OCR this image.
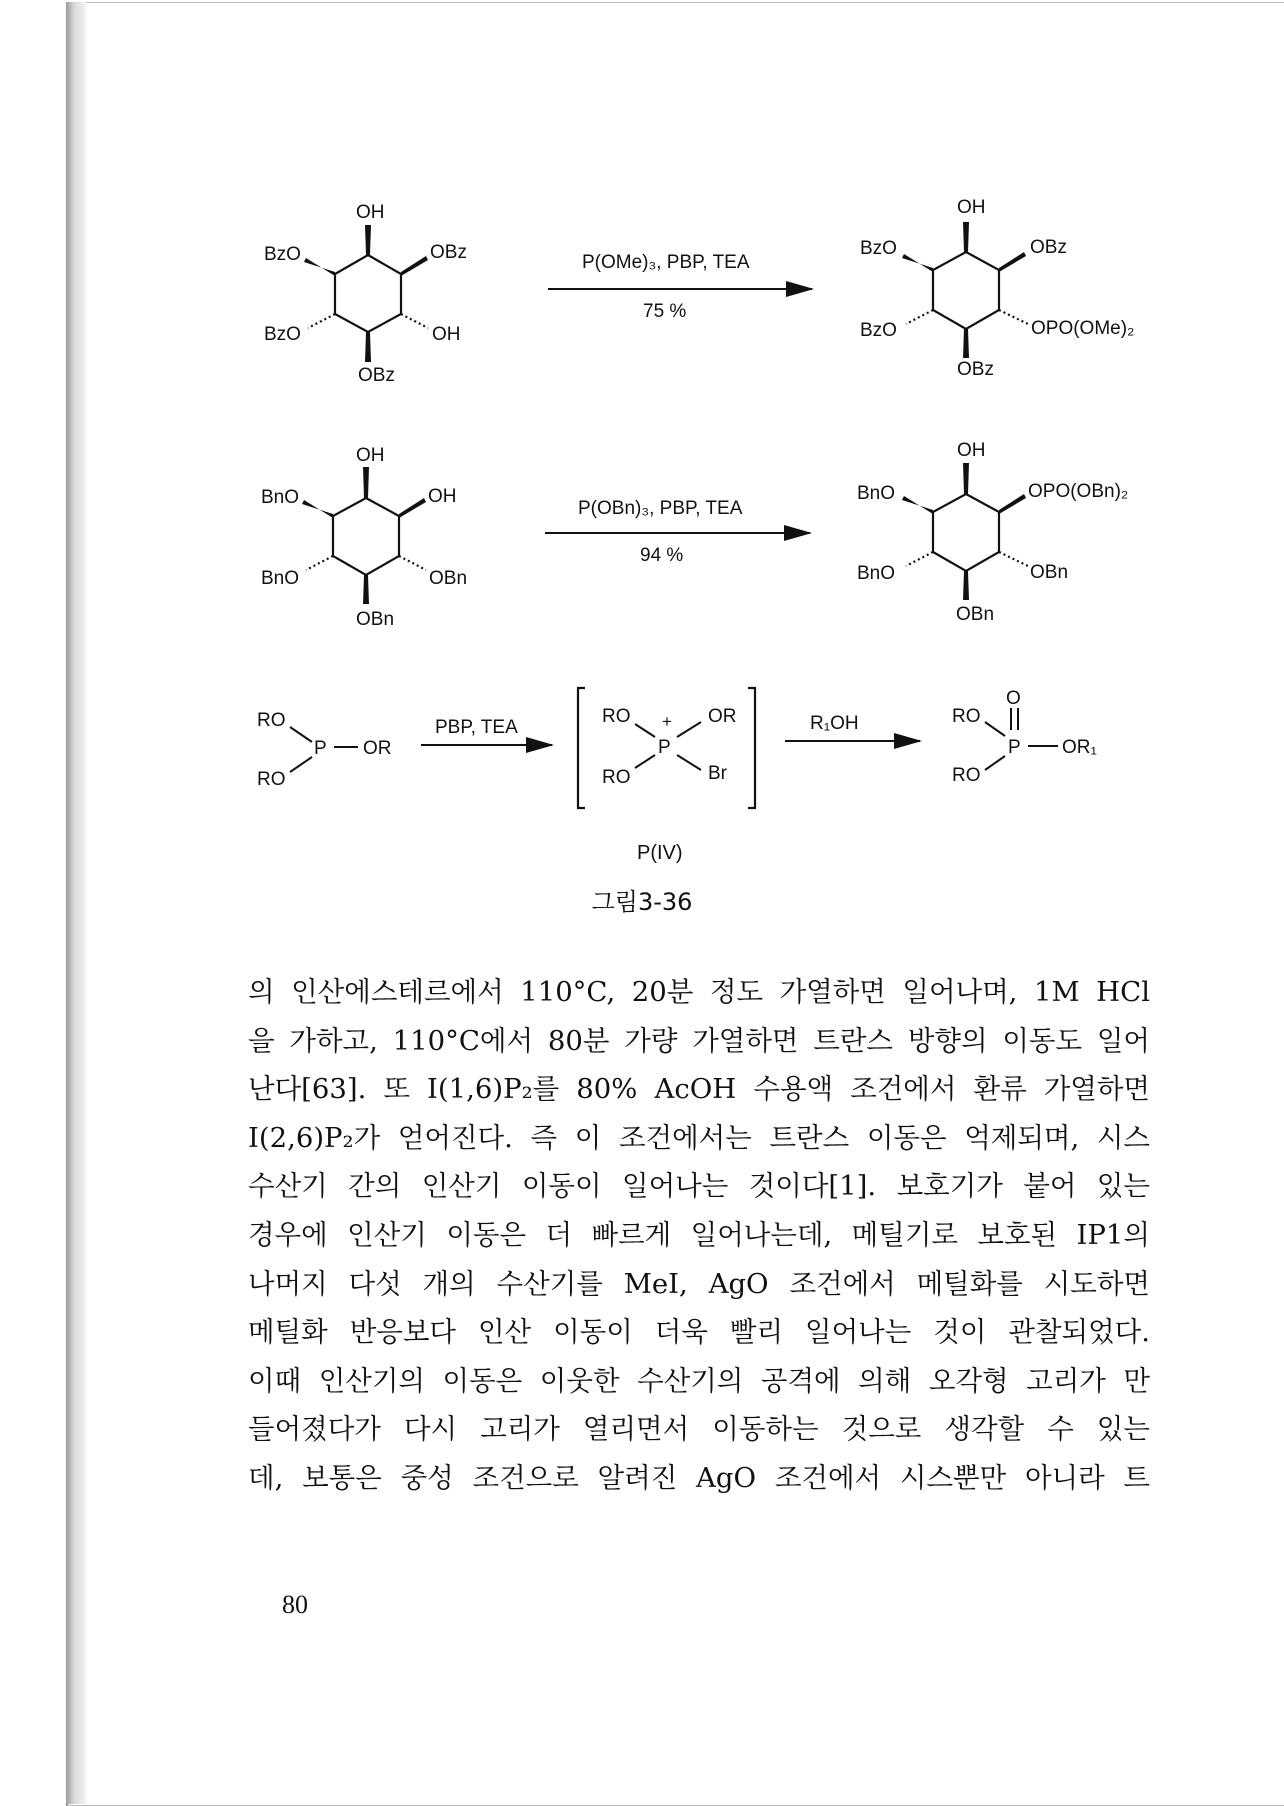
OH
BzO	OBz
BzO	OH
OBz
P(OMe)₃, PBP, TEA
75 %
OH
BzO	OBz
BzO	OPO(OMe)₂
OBz
OH
BnO	OH
BnO	OBn
OBn
P(OBn)₃, PBP, TEA
94 %
OH
BnO	OPO(OBn)₂
BnO	OBn
OBn
RO
RO
P OR
PBP, TEA
RO
RO
+
P
OR
Br
P(IV)
R₁OH
O
RO
RO
P OR₁
그림3-36
의 인산에스테르에서 110°C, 20분 정도 가열하면 일어나며, 1M HCl
을 가하고, 110°C에서 80분 가량 가열하면 트란스 방향의 이동도 일어
난다[63]. 또 I(1,6)P₂를 80% AcOH 수용액 조건에서 환류 가열하면
I(2,6)P₂가 얻어진다. 즉 이 조건에서는 트란스 이동은 억제되며, 시스
수산기 간의 인산기 이동이 일어나는 것이다[1]. 보호기가 붙어 있는
경우에 인산기 이동은 더 빠르게 일어나는데, 메틸기로 보호된 IP1의
나머지 다섯 개의 수산기를 MeI, AgO 조건에서 메틸화를 시도하면
메틸화 반응보다 인산 이동이 더욱 빨리 일어나는 것이 관찰되었다.
이때 인산기의 이동은 이웃한 수산기의 공격에 의해 오각형 고리가 만
들어졌다가 다시 고리가 열리면서 이동하는 것으로 생각할 수 있는
데, 보통은 중성 조건으로 알려진 AgO 조건에서 시스뿐만 아니라 트
80
